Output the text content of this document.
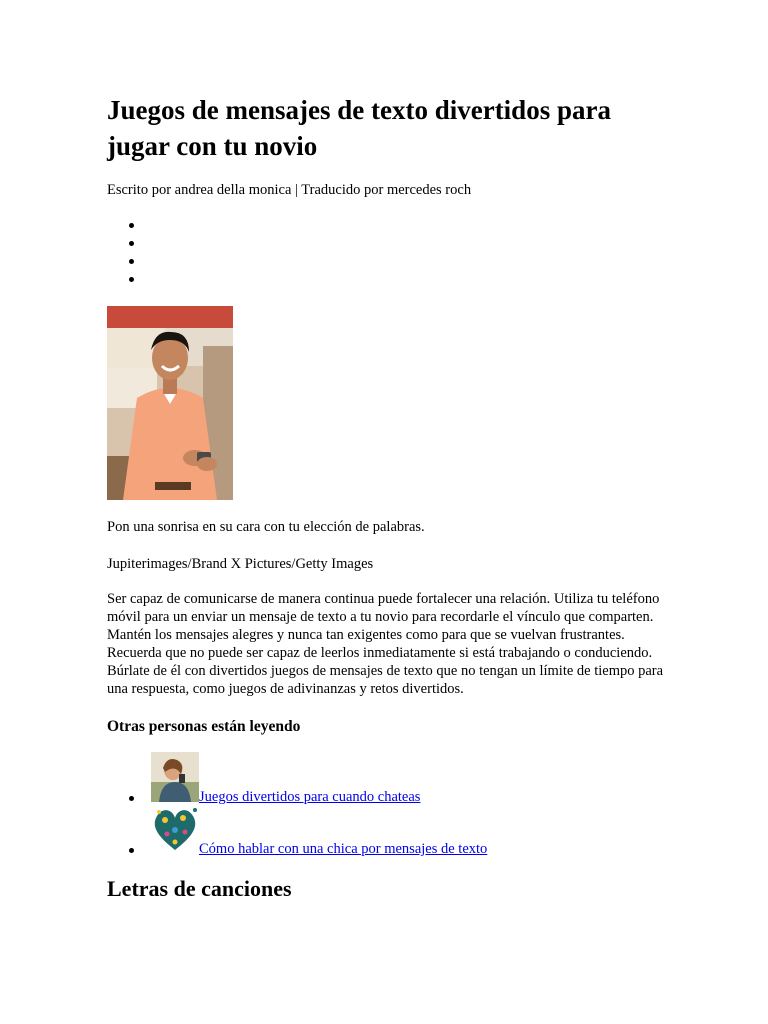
Juegos de mensajes de texto divertidos para jugar con tu novio

Escrito por andrea della monica | Traducido por mercedes roch

Pon una sonrisa en su cara con tu elección de palabras.

Jupiterimages/Brand X Pictures/Getty Images

Ser capaz de comunicarse de manera continua puede fortalecer una relación. Utiliza tu teléfono móvil para un enviar un mensaje de texto a tu novio para recordarle el vínculo que comparten. Mantén los mensajes alegres y nunca tan exigentes como para que se vuelvan frustrantes. Recuerda que no puede ser capaz de leerlos inmediatamente si está trabajando o conduciendo. Búrlate de él con divertidos juegos de mensajes de texto que no tengan un límite de tiempo para una respuesta, como juegos de adivinanzas y retos divertidos.

Otras personas están leyendo
Juegos divertidos para cuando chateas
Cómo hablar con una chica por mensajes de texto
Letras de canciones
